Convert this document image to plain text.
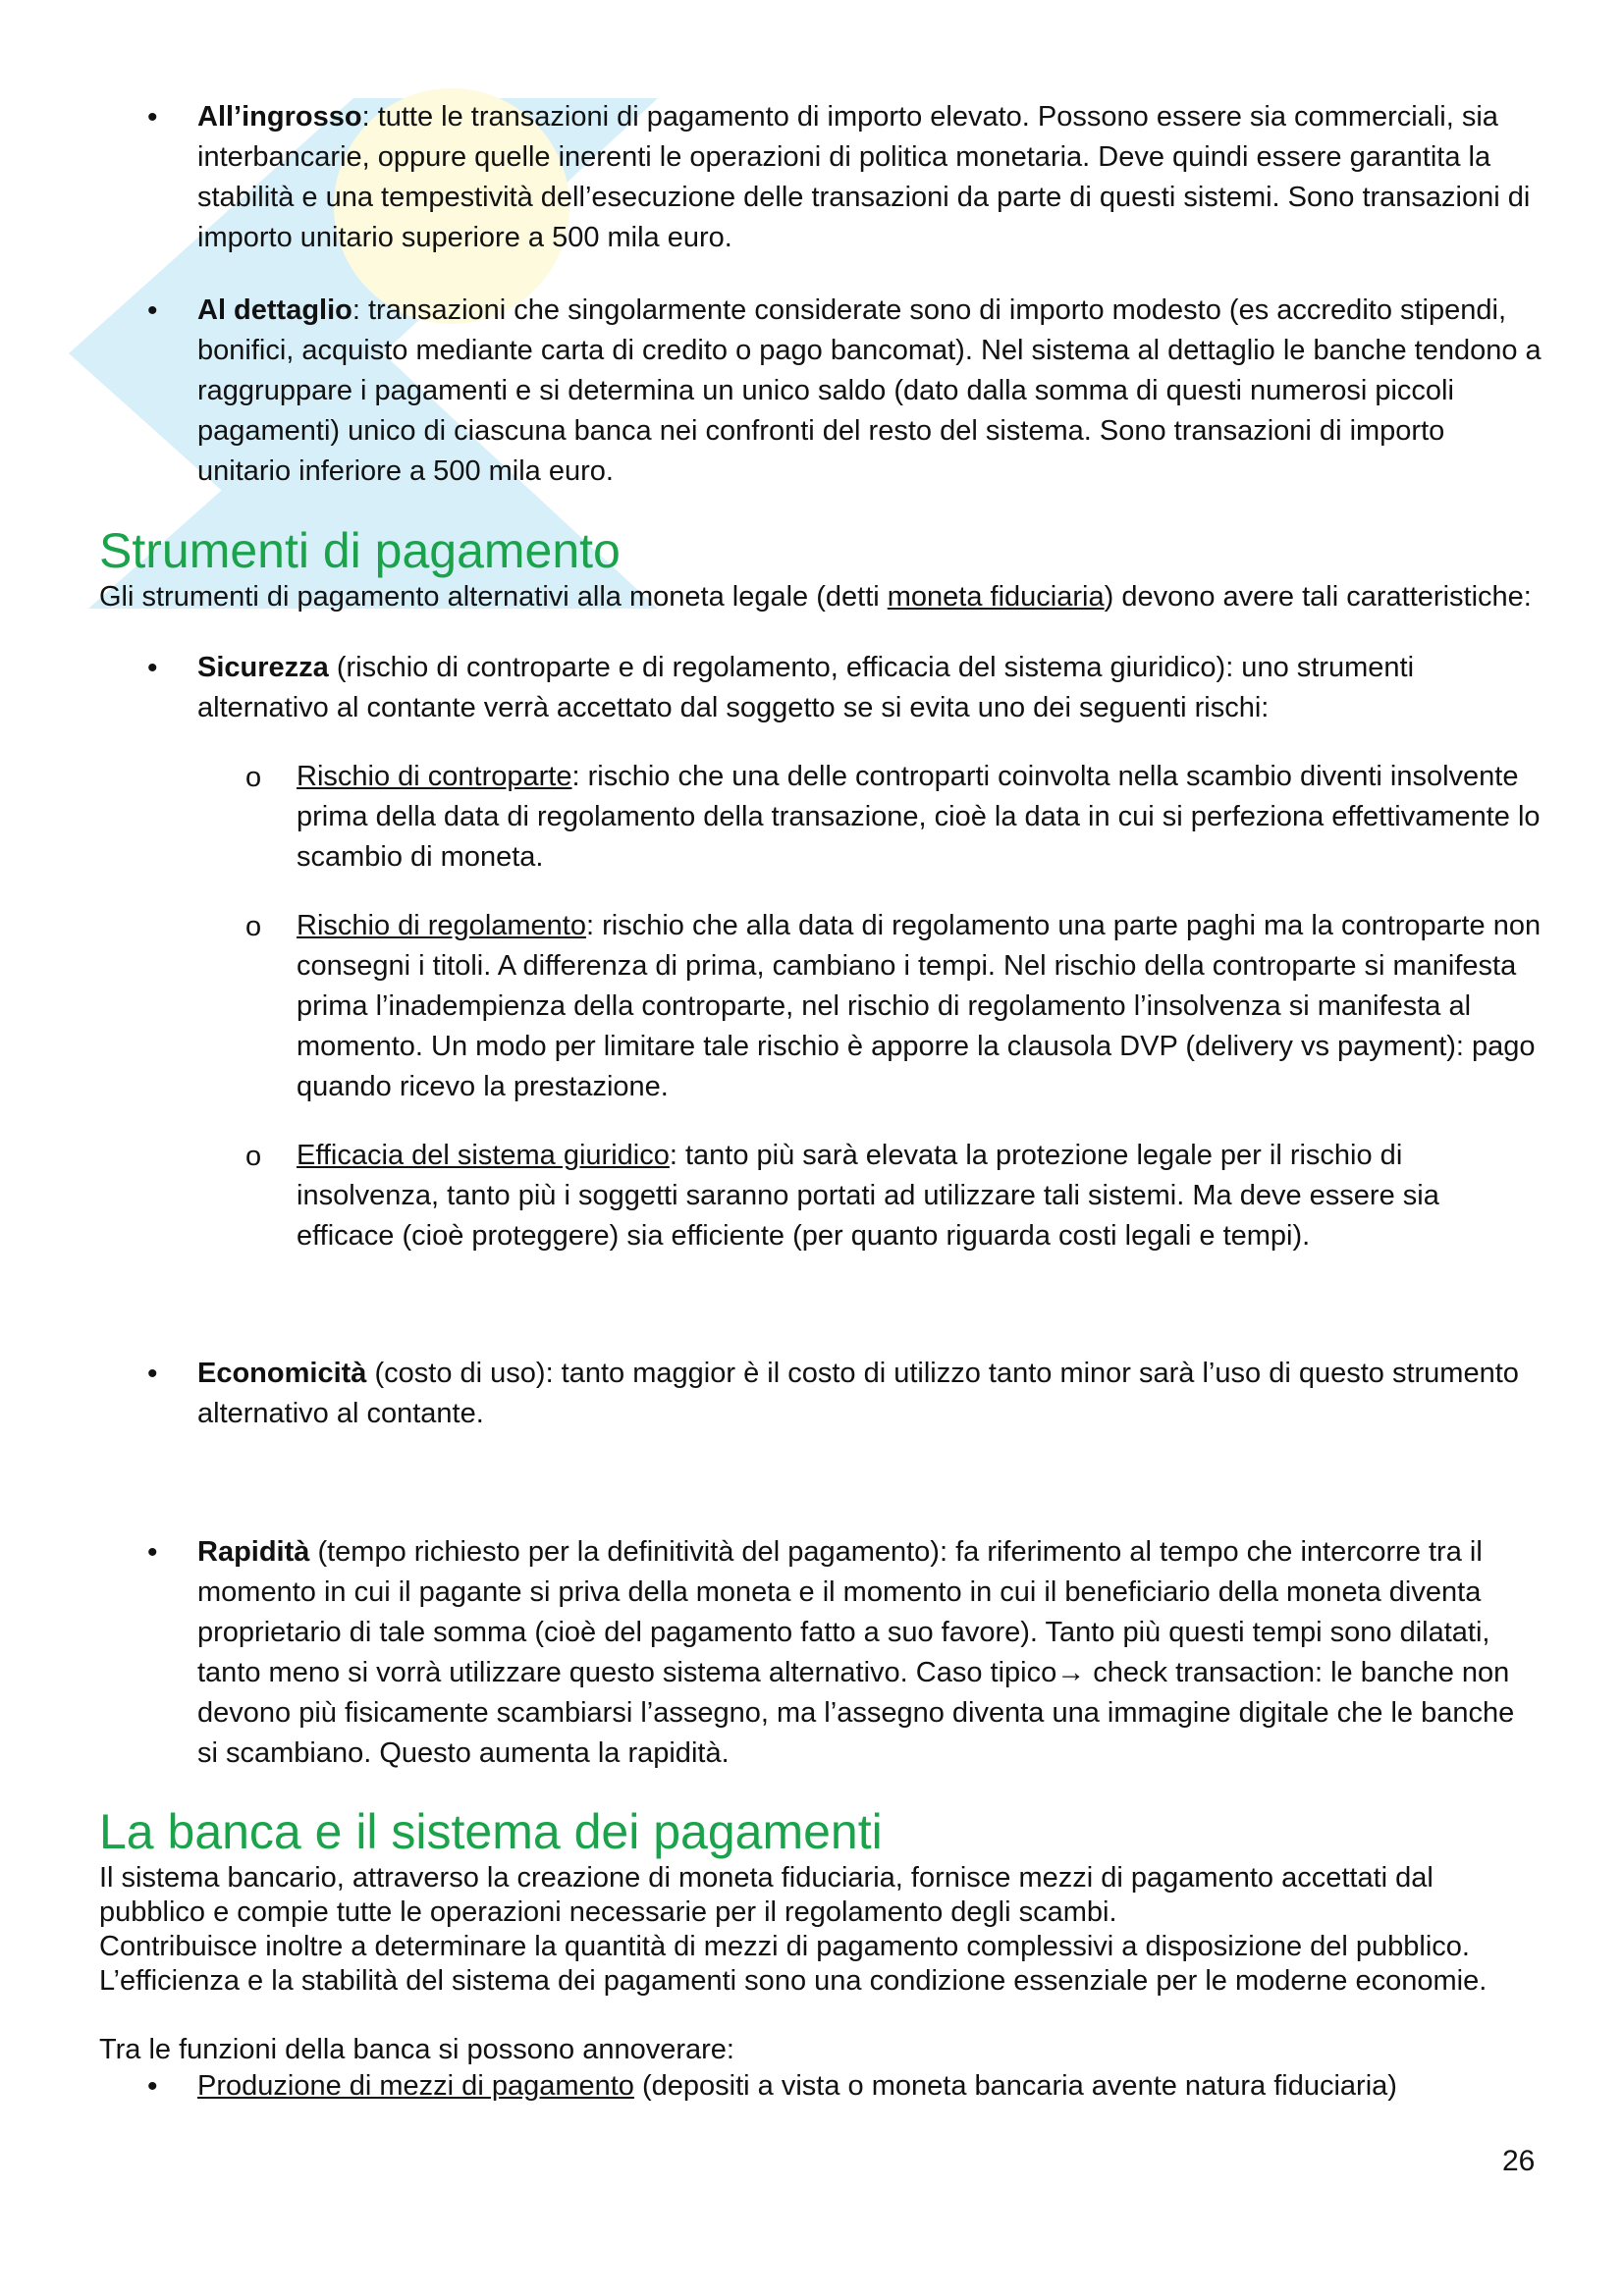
• All’ingrosso: tutte le transazioni di pagamento di importo elevato. Possono essere sia commerciali, sia interbancarie, oppure quelle inerenti le operazioni di politica monetaria. Deve quindi essere garantita la stabilità e una tempestività dell’esecuzione delle transazioni da parte di questi sistemi. Sono transazioni di importo unitario superiore a 500 mila euro.
• Al dettaglio: transazioni che singolarmente considerate sono di importo modesto (es accredito stipendi, bonifici, acquisto mediante carta di credito o pago bancomat). Nel sistema al dettaglio le banche tendono a raggruppare i pagamenti e si determina un unico saldo (dato dalla somma di questi numerosi piccoli pagamenti) unico di ciascuna banca nei confronti del resto del sistema. Sono transazioni di importo unitario inferiore a 500 mila euro.
Strumenti di pagamento

Gli strumenti di pagamento alternativi alla moneta legale (detti moneta fiduciaria) devono avere tali caratteristiche:

• Sicurezza (rischio di controparte e di regolamento, efficacia del sistema giuridico): uno strumenti alternativo al contante verrà accettato dal soggetto se si evita uno dei seguenti rischi:
o Rischio di controparte: rischio che una delle controparti coinvolta nella scambio diventi insolvente prima della data di regolamento della transazione, cioè la data in cui si perfeziona effettivamente lo scambio di moneta.
o Rischio di regolamento: rischio che alla data di regolamento una parte paghi ma la controparte non consegni i titoli. A differenza di prima, cambiano i tempi. Nel rischio della controparte si manifesta prima l’inadempienza della controparte, nel rischio di regolamento l’insolvenza si manifesta al momento. Un modo per limitare tale rischio è apporre la clausola DVP (delivery vs payment): pago quando ricevo la prestazione.
o Efficacia del sistema giuridico: tanto più sarà elevata la protezione legale per il rischio di insolvenza, tanto più i soggetti saranno portati ad utilizzare tali sistemi. Ma deve essere sia efficace (cioè proteggere) sia efficiente (per quanto riguarda costi legali e tempi).
• Economicità (costo di uso): tanto maggior è il costo di utilizzo tanto minor sarà l’uso di questo strumento alternativo al contante.
• Rapidità (tempo richiesto per la definitività del pagamento): fa riferimento al tempo che intercorre tra il momento in cui il pagante si priva della moneta e il momento in cui il beneficiario della moneta diventa proprietario di tale somma (cioè del pagamento fatto a suo favore). Tanto più questi tempi sono dilatati, tanto meno si vorrà utilizzare questo sistema alternativo. Caso tipico→ check transaction: le banche non devono più fisicamente scambiarsi l’assegno, ma l’assegno diventa una immagine digitale che le banche si scambiano. Questo aumenta la rapidità.
La banca e il sistema dei pagamenti

Il sistema bancario, attraverso la creazione di moneta fiduciaria, fornisce mezzi di pagamento accettati dal pubblico e compie tutte le operazioni necessarie per il regolamento degli scambi.

Contribuisce inoltre a determinare la quantità di mezzi di pagamento complessivi a disposizione del pubblico. L’efficienza e la stabilità del sistema dei pagamenti sono una condizione essenziale per le moderne economie.

Tra le funzioni della banca si possono annoverare:

• Produzione di mezzi di pagamento (depositi a vista o moneta bancaria avente natura fiduciaria)
26
